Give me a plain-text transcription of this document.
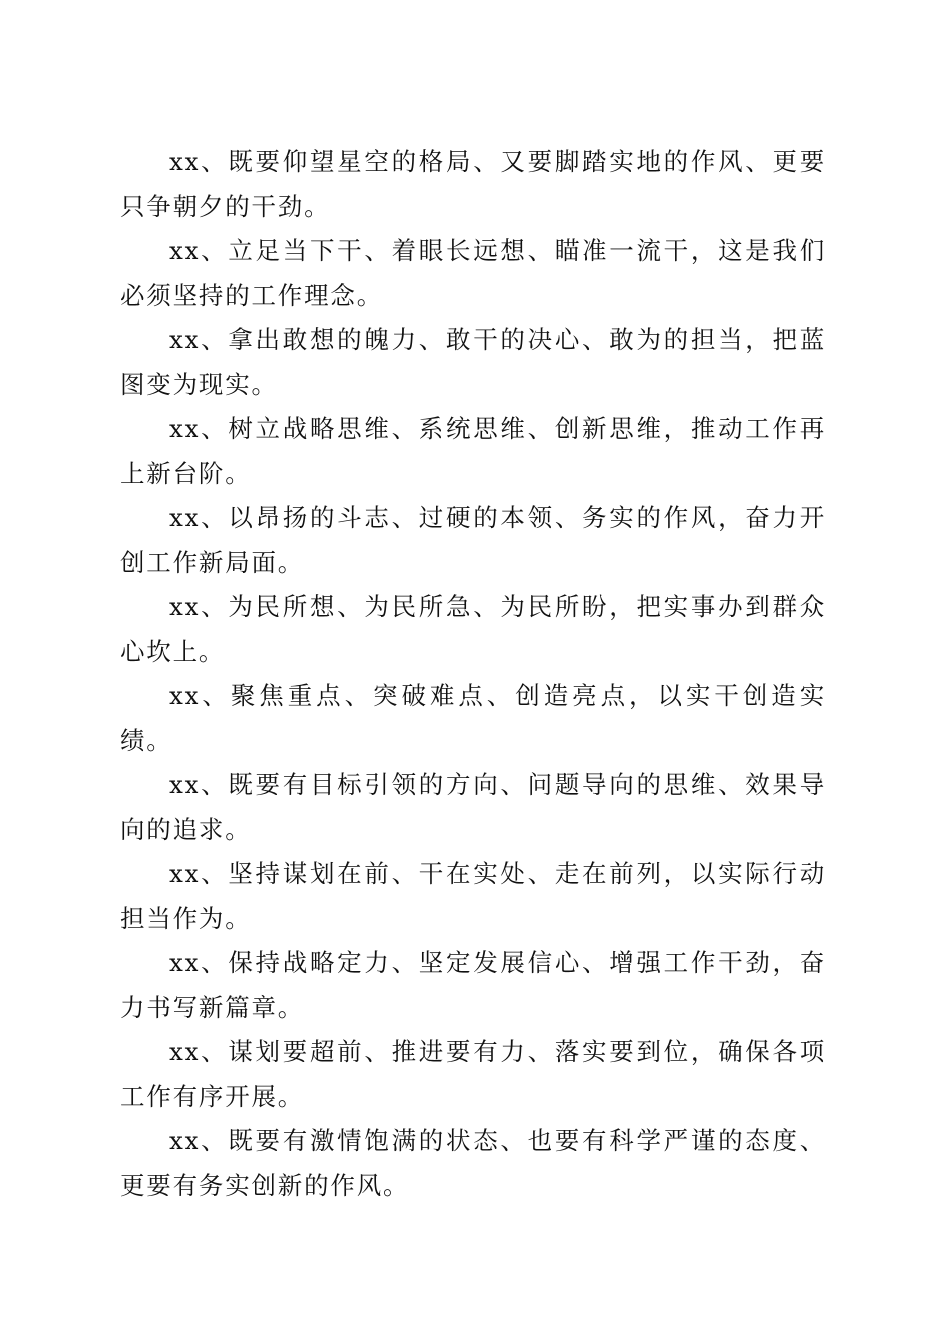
xx、既要仰望星空的格局、又要脚踏实地的作风、更要只争朝夕的干劲。

xx、立足当下干、着眼长远想、瞄准一流干，这是我们必须坚持的工作理念。

xx、拿出敢想的魄力、敢干的决心、敢为的担当，把蓝图变为现实。

xx、树立战略思维、系统思维、创新思维，推动工作再上新台阶。

xx、以昂扬的斗志、过硬的本领、务实的作风，奋力开创工作新局面。

xx、为民所想、为民所急、为民所盼，把实事办到群众心坎上。

xx、聚焦重点、突破难点、创造亮点，以实干创造实绩。

xx、既要有目标引领的方向、问题导向的思维、效果导向的追求。

xx、坚持谋划在前、干在实处、走在前列，以实际行动担当作为。

xx、保持战略定力、坚定发展信心、增强工作干劲，奋力书写新篇章。

xx、谋划要超前、推进要有力、落实要到位，确保各项工作有序开展。

xx、既要有激情饱满的状态、也要有科学严谨的态度、更要有务实创新的作风。
